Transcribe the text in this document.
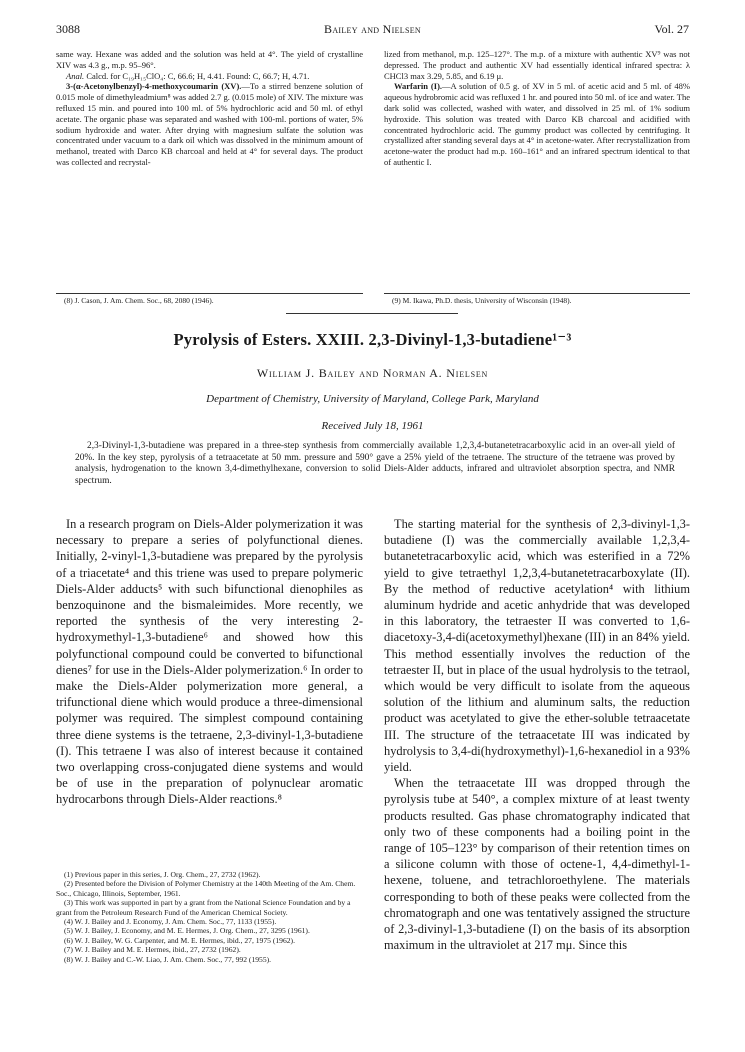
3088	Bailey and Nielsen	Vol. 27

same way. Hexane was added and the solution was held at 4°. The yield of crystalline XIV was 4.3 g., m.p. 95–96°.

Anal. Calcd. for C₁₉H₁₅ClO₄: C, 66.6; H, 4.41. Found: C, 66.7; H, 4.71.

3-(α-Acetonylbenzyl)-4-methoxycoumarin (XV).—To a stirred benzene solution of 0.015 mole of dimethyleadmium⁸ was added 2.7 g. (0.015 mole) of XIV. The mixture was refluxed 15 min. and poured into 100 ml. of 5% hydrochloric acid and 50 ml. of ethyl acetate. The organic phase was separated and washed with 100-ml. portions of water, 5% sodium hydroxide and water. After drying with magnesium sulfate the solution was concentrated under vacuum to a dark oil which was dissolved in the minimum amount of methanol, treated with Darco KB charcoal and held at 4° for several days. The product was collected and recrystal-

lized from methanol, m.p. 125–127°. The m.p. of a mixture with authentic XV⁹ was not depressed. The product and authentic XV had essentially identical infrared spectra: λ CHCl3 max 3.29, 5.85, and 6.19 μ.

Warfarin (I).—A solution of 0.5 g. of XV in 5 ml. of acetic acid and 5 ml. of 48% aqueous hydrobromic acid was refluxed 1 hr. and poured into 50 ml. of ice and water. The dark solid was collected, washed with water, and dissolved in 25 ml. of 1% sodium hydroxide. This solution was treated with Darco KB charcoal and acidified with concentrated hydrochloric acid. The gummy product was collected by centrifuging. It crystallized after standing several days at 4° in acetone-water. After recrystallization from acetone-water the product had m.p. 160–161° and an infrared spectrum identical to that of authentic I.

(8) J. Cason, J. Am. Chem. Soc., 68, 2080 (1946).	(9) M. Ikawa, Ph.D. thesis, University of Wisconsin (1948).
Pyrolysis of Esters. XXIII. 2,3-Divinyl-1,3-butadiene¹⁻³
William J. Bailey and Norman A. Nielsen
Department of Chemistry, University of Maryland, College Park, Maryland
Received July 18, 1961

2,3-Divinyl-1,3-butadiene was prepared in a three-step synthesis from commercially available 1,2,3,4-butanetetracarboxylic acid in an over-all yield of 20%. In the key step, pyrolysis of a tetraacetate at 50 mm. pressure and 590° gave a 25% yield of the tetraene. The structure of the tetraene was proved by analysis, hydrogenation to the known 3,4-dimethylhexane, conversion to solid Diels-Alder adducts, infrared and ultraviolet absorption spectra, and NMR spectrum.

In a research program on Diels-Alder polymerization it was necessary to prepare a series of polyfunctional dienes. Initially, 2-vinyl-1,3-butadiene was prepared by the pyrolysis of a triacetate⁴ and this triene was used to prepare polymeric Diels-Alder adducts⁵ with such bifunctional dienophiles as benzoquinone and the bismaleimides. More recently, we reported the synthesis of the very interesting 2-hydroxymethyl-1,3-butadiene⁶ and showed how this polyfunctional compound could be converted to bifunctional dienes⁷ for use in the Diels-Alder polymerization.⁶ In order to make the Diels-Alder polymerization more general, a trifunctional diene which would produce a three-dimensional polymer was required. The simplest compound containing three diene systems is the tetraene, 2,3-divinyl-1,3-butadiene (I). This tetraene I was also of interest because it contained two overlapping cross-conjugated diene systems and would be of use in the preparation of polynuclear aromatic hydrocarbons through Diels-Alder reactions.⁸

(1) Previous paper in this series, J. Org. Chem., 27, 2732 (1962).

(2) Presented before the Division of Polymer Chemistry at the 140th Meeting of the Am. Chem. Soc., Chicago, Illinois, September, 1961.

(3) This work was supported in part by a grant from the National Science Foundation and by a grant from the Petroleum Research Fund of the American Chemical Society.

(4) W. J. Bailey and J. Economy, J. Am. Chem. Soc., 77, 1133 (1955).

(5) W. J. Bailey, J. Economy, and M. E. Hermes, J. Org. Chem., 27, 3295 (1961).

(6) W. J. Bailey, W. G. Carpenter, and M. E. Hermes, ibid., 27, 1975 (1962).

(7) W. J. Bailey and M. E. Hermes, ibid., 27, 2732 (1962).

(8) W. J. Bailey and C.-W. Liao, J. Am. Chem. Soc., 77, 992 (1955).

The starting material for the synthesis of 2,3-divinyl-1,3-butadiene (I) was the commercially available 1,2,3,4-butanetetracarboxylic acid, which was esterified in a 72% yield to give tetraethyl 1,2,3,4-butanetetracarboxylate (II). By the method of reductive acetylation⁴ with lithium aluminum hydride and acetic anhydride that was developed in this laboratory, the tetraester II was converted to 1,6-diacetoxy-3,4-di(acetoxymethyl)hexane (III) in an 84% yield. This method essentially involves the reduction of the tetraester II, but in place of the usual hydrolysis to the tetraol, which would be very difficult to isolate from the aqueous solution of the lithium and aluminum salts, the reduction product was acetylated to give the ether-soluble tetraacetate III. The structure of the tetraacetate III was indicated by hydrolysis to 3,4-di(hydroxymethyl)-1,6-hexanediol in a 93% yield.

When the tetraacetate III was dropped through the pyrolysis tube at 540°, a complex mixture of at least twenty products resulted. Gas phase chromatography indicated that only two of these components had a boiling point in the range of 105–123° by comparison of their retention times on a silicone column with those of octene-1, 4,4-dimethyl-1-hexene, toluene, and tetrachloroethylene. The materials corresponding to both of these peaks were collected from the chromatograph and one was tentatively assigned the structure of 2,3-divinyl-1,3-butadiene (I) on the basis of its absorption maximum in the ultraviolet at 217 mμ. Since this
